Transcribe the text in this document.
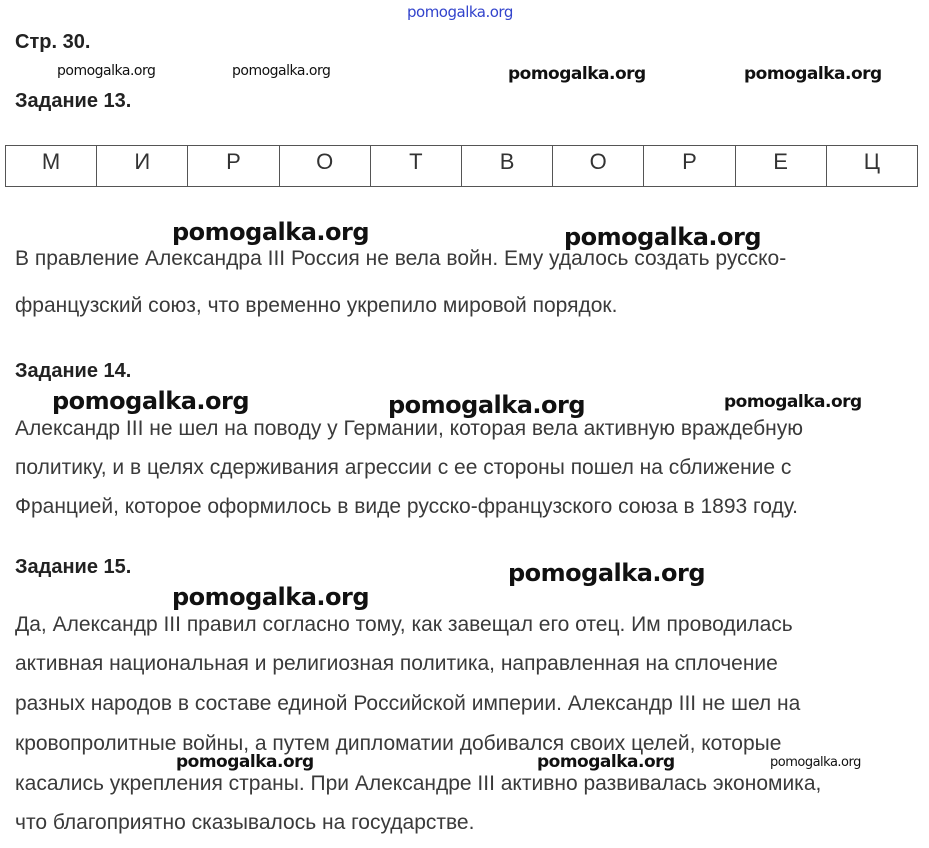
pomogalka.org
Стр. 30.
pomogalka.org	pomogalka.org	pomogalka.org	pomogalka.org
Задание 13.
М	И	Р	О	Т	В	О	Р	Е	Ц
В правление Александра III Россия не вела войн. Ему удалось создать русско-
французский союз, что временно укрепило мировой порядок.
pomogalka.org	pomogalka.org
Задание 14.
Александр III не шел на поводу у Германии, которая вела активную враждебную
политику, и в целях сдерживания агрессии с ее стороны пошел на сближение с
Францией, которое оформилось в виде русско-французского союза в 1893 году.
pomogalka.org	pomogalka.org	pomogalka.org
Задание 15.
Да, Александр III правил согласно тому, как завещал его отец. Им проводилась
активная национальная и религиозная политика, направленная на сплочение
разных народов в составе единой Российской империи. Александр III не шел на
кровопролитные войны, а путем дипломатии добивался своих целей, которые
касались укрепления страны. При Александре III активно развивалась экономика,
что благоприятно сказывалось на государстве.
pomogalka.org
pomogalka.org
pomogalka.org	pomogalka.org	pomogalka.org
